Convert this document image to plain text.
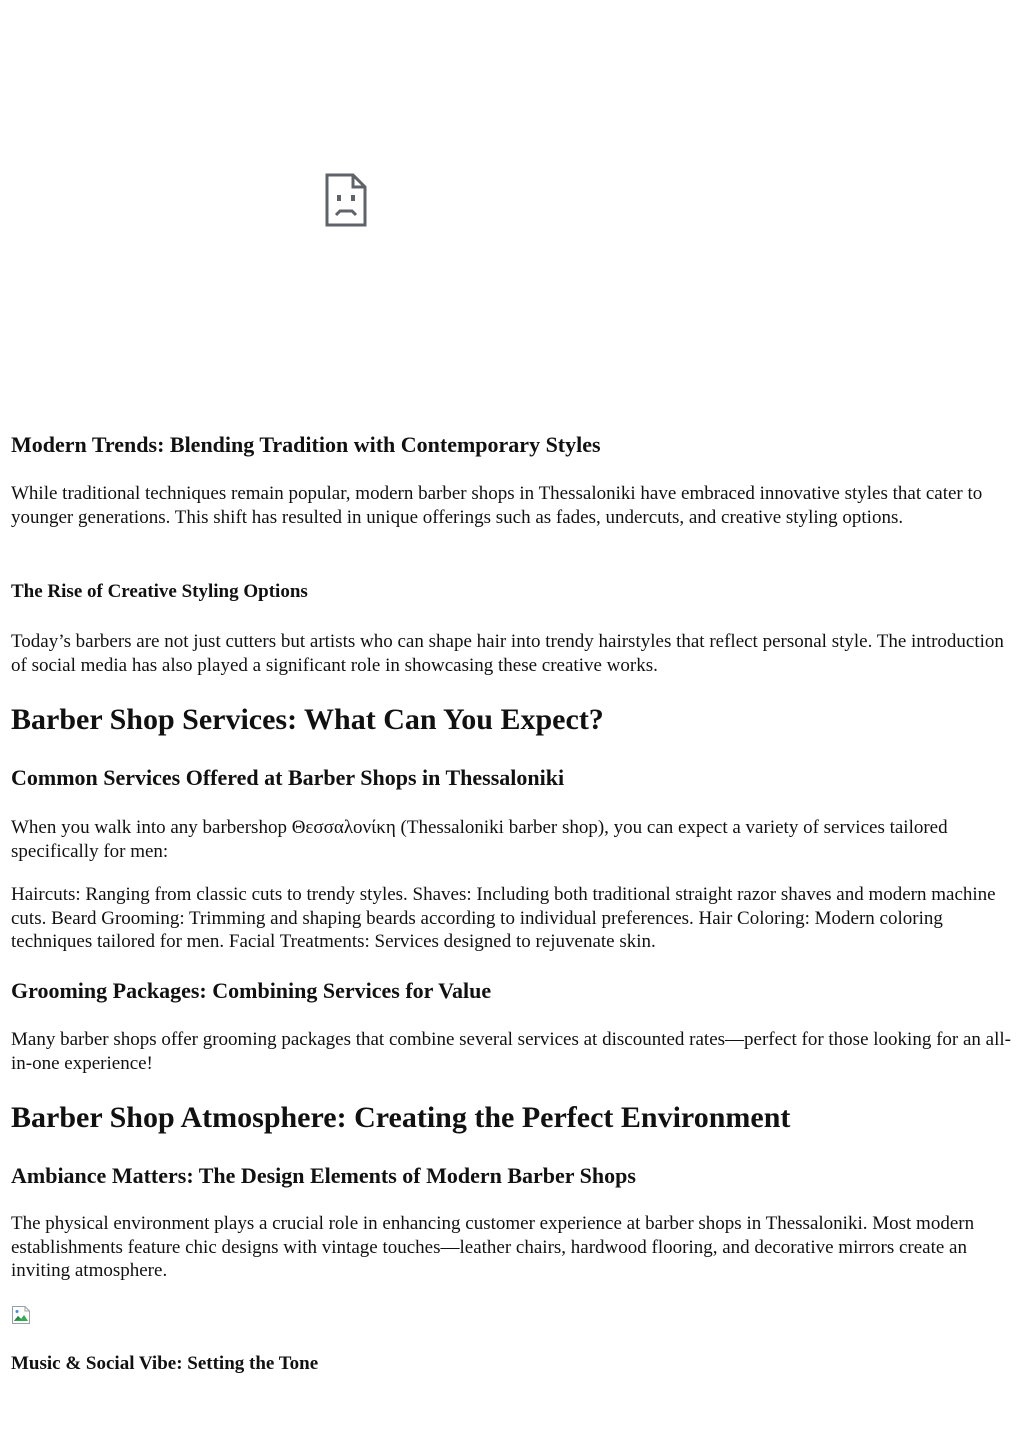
Modern Trends: Blending Tradition with Contemporary Styles

While traditional techniques remain popular, modern barber shops in Thessaloniki have embraced innovative styles that cater to younger generations. This shift has resulted in unique offerings such as fades, undercuts, and creative styling options.

The Rise of Creative Styling Options

Today’s barbers are not just cutters but artists who can shape hair into trendy hairstyles that reflect personal style. The introduction of social media has also played a significant role in showcasing these creative works.

Barber Shop Services: What Can You Expect?
Common Services Offered at Barber Shops in Thessaloniki

When you walk into any barbershop Θεσσαλονίκη (Thessaloniki barber shop), you can expect a variety of services tailored specifically for men:

Haircuts: Ranging from classic cuts to trendy styles. Shaves: Including both traditional straight razor shaves and modern machine cuts. Beard Grooming: Trimming and shaping beards according to individual preferences. Hair Coloring: Modern coloring techniques tailored for men. Facial Treatments: Services designed to rejuvenate skin.

Grooming Packages: Combining Services for Value

Many barber shops offer grooming packages that combine several services at discounted rates—perfect for those looking for an all-in-one experience!

Barber Shop Atmosphere: Creating the Perfect Environment
Ambiance Matters: The Design Elements of Modern Barber Shops

The physical environment plays a crucial role in enhancing customer experience at barber shops in Thessaloniki. Most modern establishments feature chic designs with vintage touches—leather chairs, hardwood flooring, and decorative mirrors create an inviting atmosphere.

Music & Social Vibe: Setting the Tone
